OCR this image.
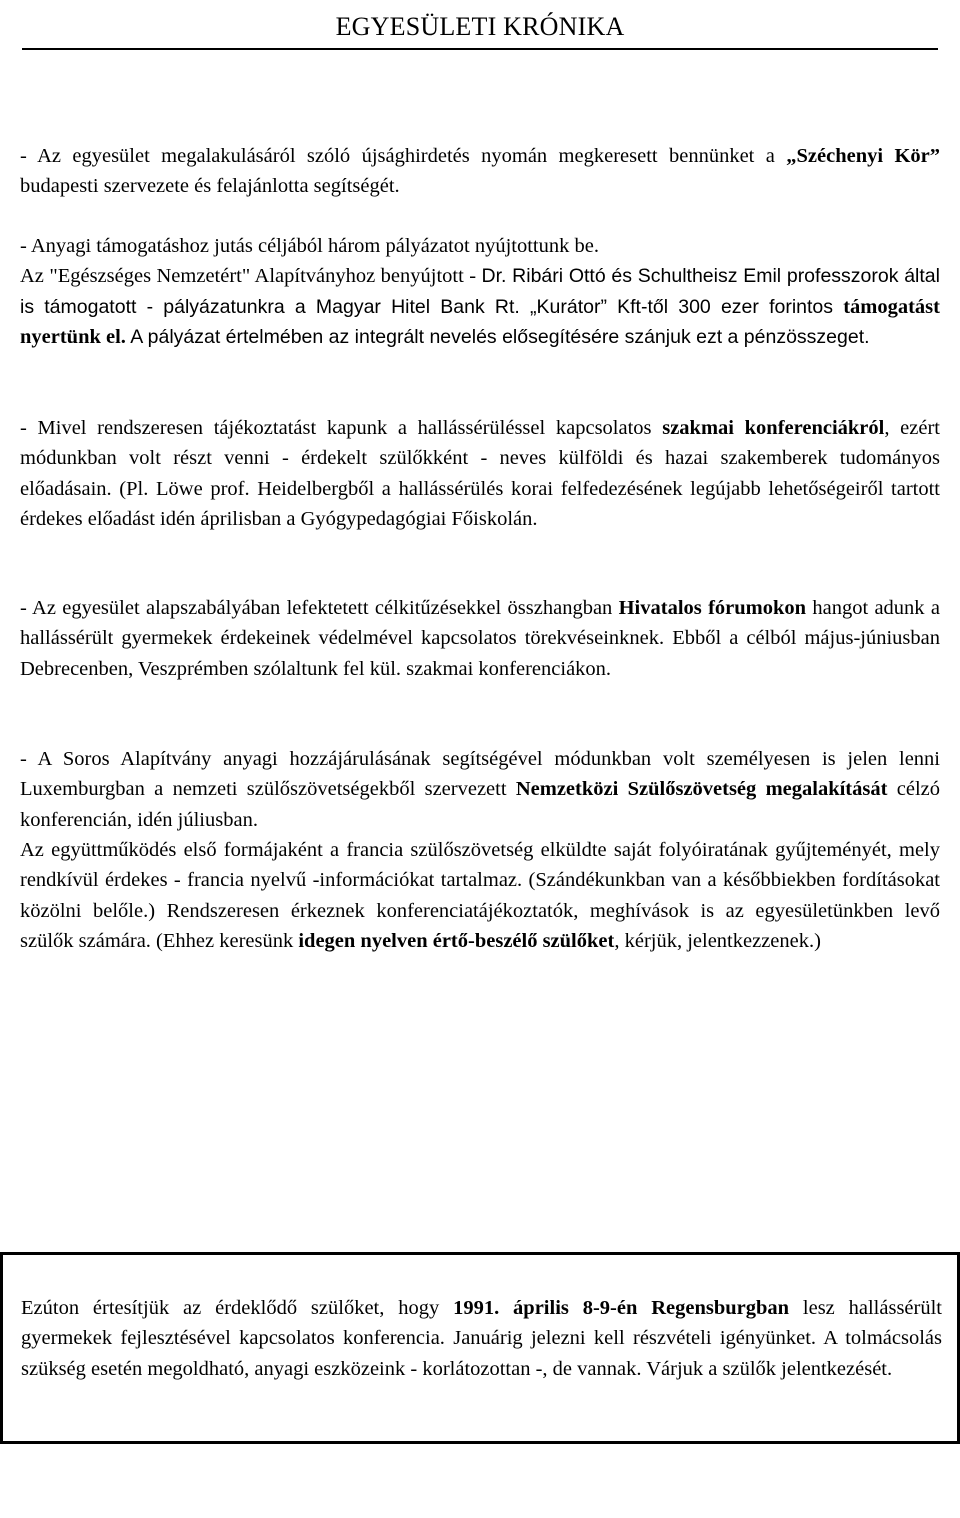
EGYESÜLETI KRÓNIKA

- Az egyesület megalakulásáról szóló újsághirdetés nyomán megkeresett bennünket a „Széchenyi Kör” budapesti szervezete és felajánlotta segítségét.

- Anyagi támogatáshoz jutás céljából három pályázatot nyújtottunk be.
Az "Egészséges Nemzetért" Alapítványhoz benyújtott - Dr. Ribári Ottó és Schultheisz Emil professzorok által is támogatott - pályázatunkra a Magyar Hitel Bank Rt. „Kurátor” Kft-től 300 ezer forintos támogatást nyertünk el. A pályázat értelmében az integrált nevelés elősegítésére szánjuk ezt a pénzösszeget.

- Mivel rendszeresen tájékoztatást kapunk a hallássérüléssel kapcsolatos szakmai konferenciákról, ezért módunkban volt részt venni - érdekelt szülőkként - neves külföldi és hazai szakemberek tudományos előadásain. (Pl. Löwe prof. Heidelbergből a hallássérülés korai felfedezésének legújabb lehetőségeiről tartott érdekes előadást idén áprilisban a Gyógypedagógiai Főiskolán.

- Az egyesület alapszabályában lefektetett célkitűzésekkel összhangban Hivatalos fórumokon hangot adunk a hallássérült gyermekek érdekeinek védelmével kapcsolatos törekvéseinknek. Ebből a célból május-júniusban Debrecenben, Veszprémben szólaltunk fel kül. szakmai konferenciákon.

- A Soros Alapítvány anyagi hozzájárulásának segítségével módunkban volt személyesen is jelen lenni Luxemburgban a nemzeti szülőszövetségekből szervezett Nemzetközi Szülőszövetség megalakítását célzó konferencián, idén júliusban.

Az együttműködés első formájaként a francia szülőszövetség elküldte saját folyóiratának gyűjteményét, mely rendkívül érdekes - francia nyelvű -információkat tartalmaz. (Szándékunkban van a későbbiekben fordításokat közölni belőle.) Rendszeresen érkeznek konferenciatájékoztatók, meghívások is az egyesületünkben levő szülők számára. (Ehhez keresünk idegen nyelven értő-beszélő szülőket, kérjük, jelentkezzenek.)

Ezúton értesítjük az érdeklődő szülőket, hogy 1991. április 8-9-én Regensburgban lesz hallássérült gyermekek fejlesztésével kapcsolatos konferencia. Januárig jelezni kell részvételi igényünket. A tolmácsolás szükség esetén megoldható, anyagi eszközeink - korlátozottan -, de vannak. Várjuk a szülők jelentkezését.
